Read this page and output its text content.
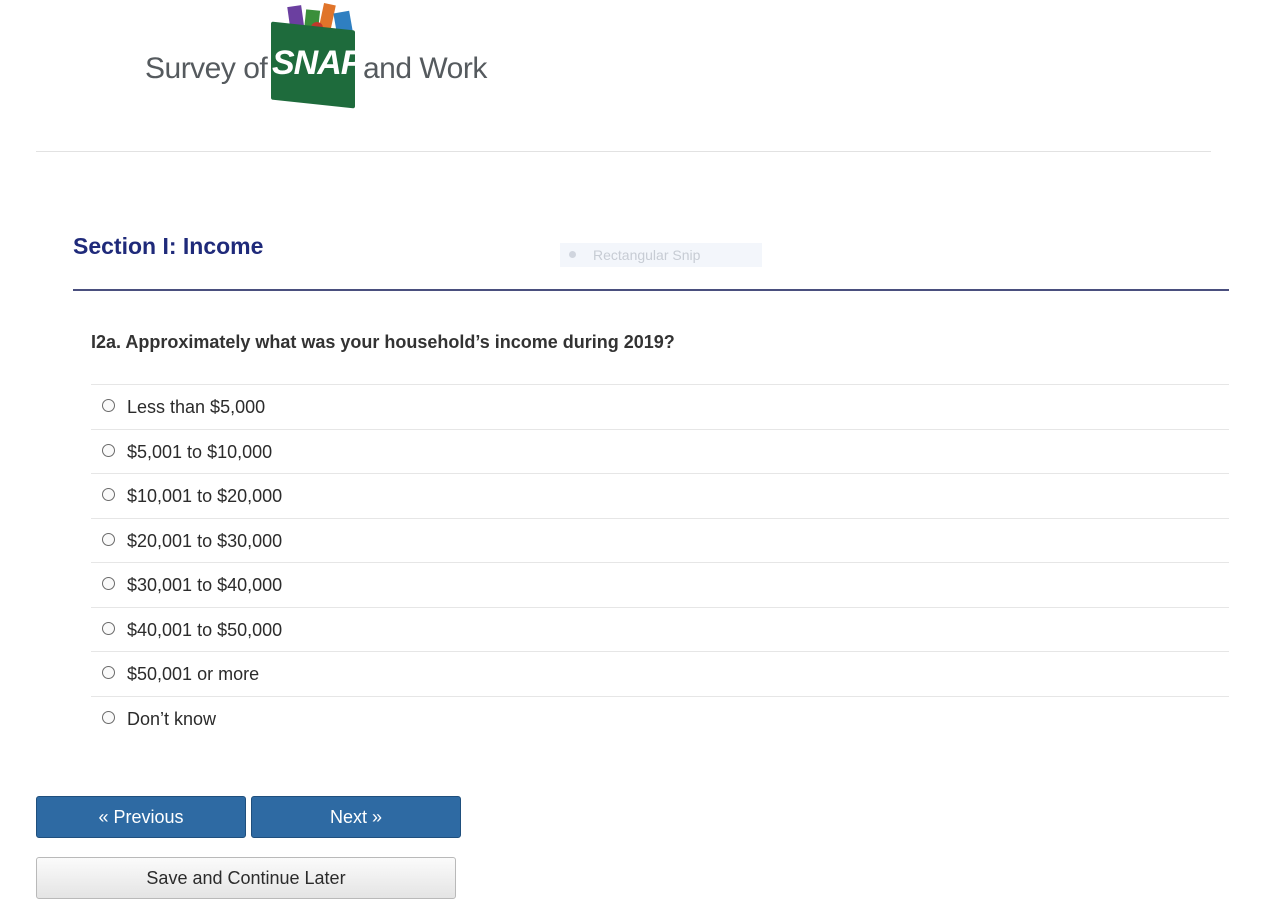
Survey of SNAP and Work
Section I: Income	Rectangular Snip

I2a. Approximately what was your household’s income during 2019?

Less than $5,000
$5,001 to $10,000
$10,001 to $20,000
$20,001 to $30,000
$30,001 to $40,000
$40,001 to $50,000
$50,001 or more
Don’t know
« Previous	Next »
Save and Continue Later
